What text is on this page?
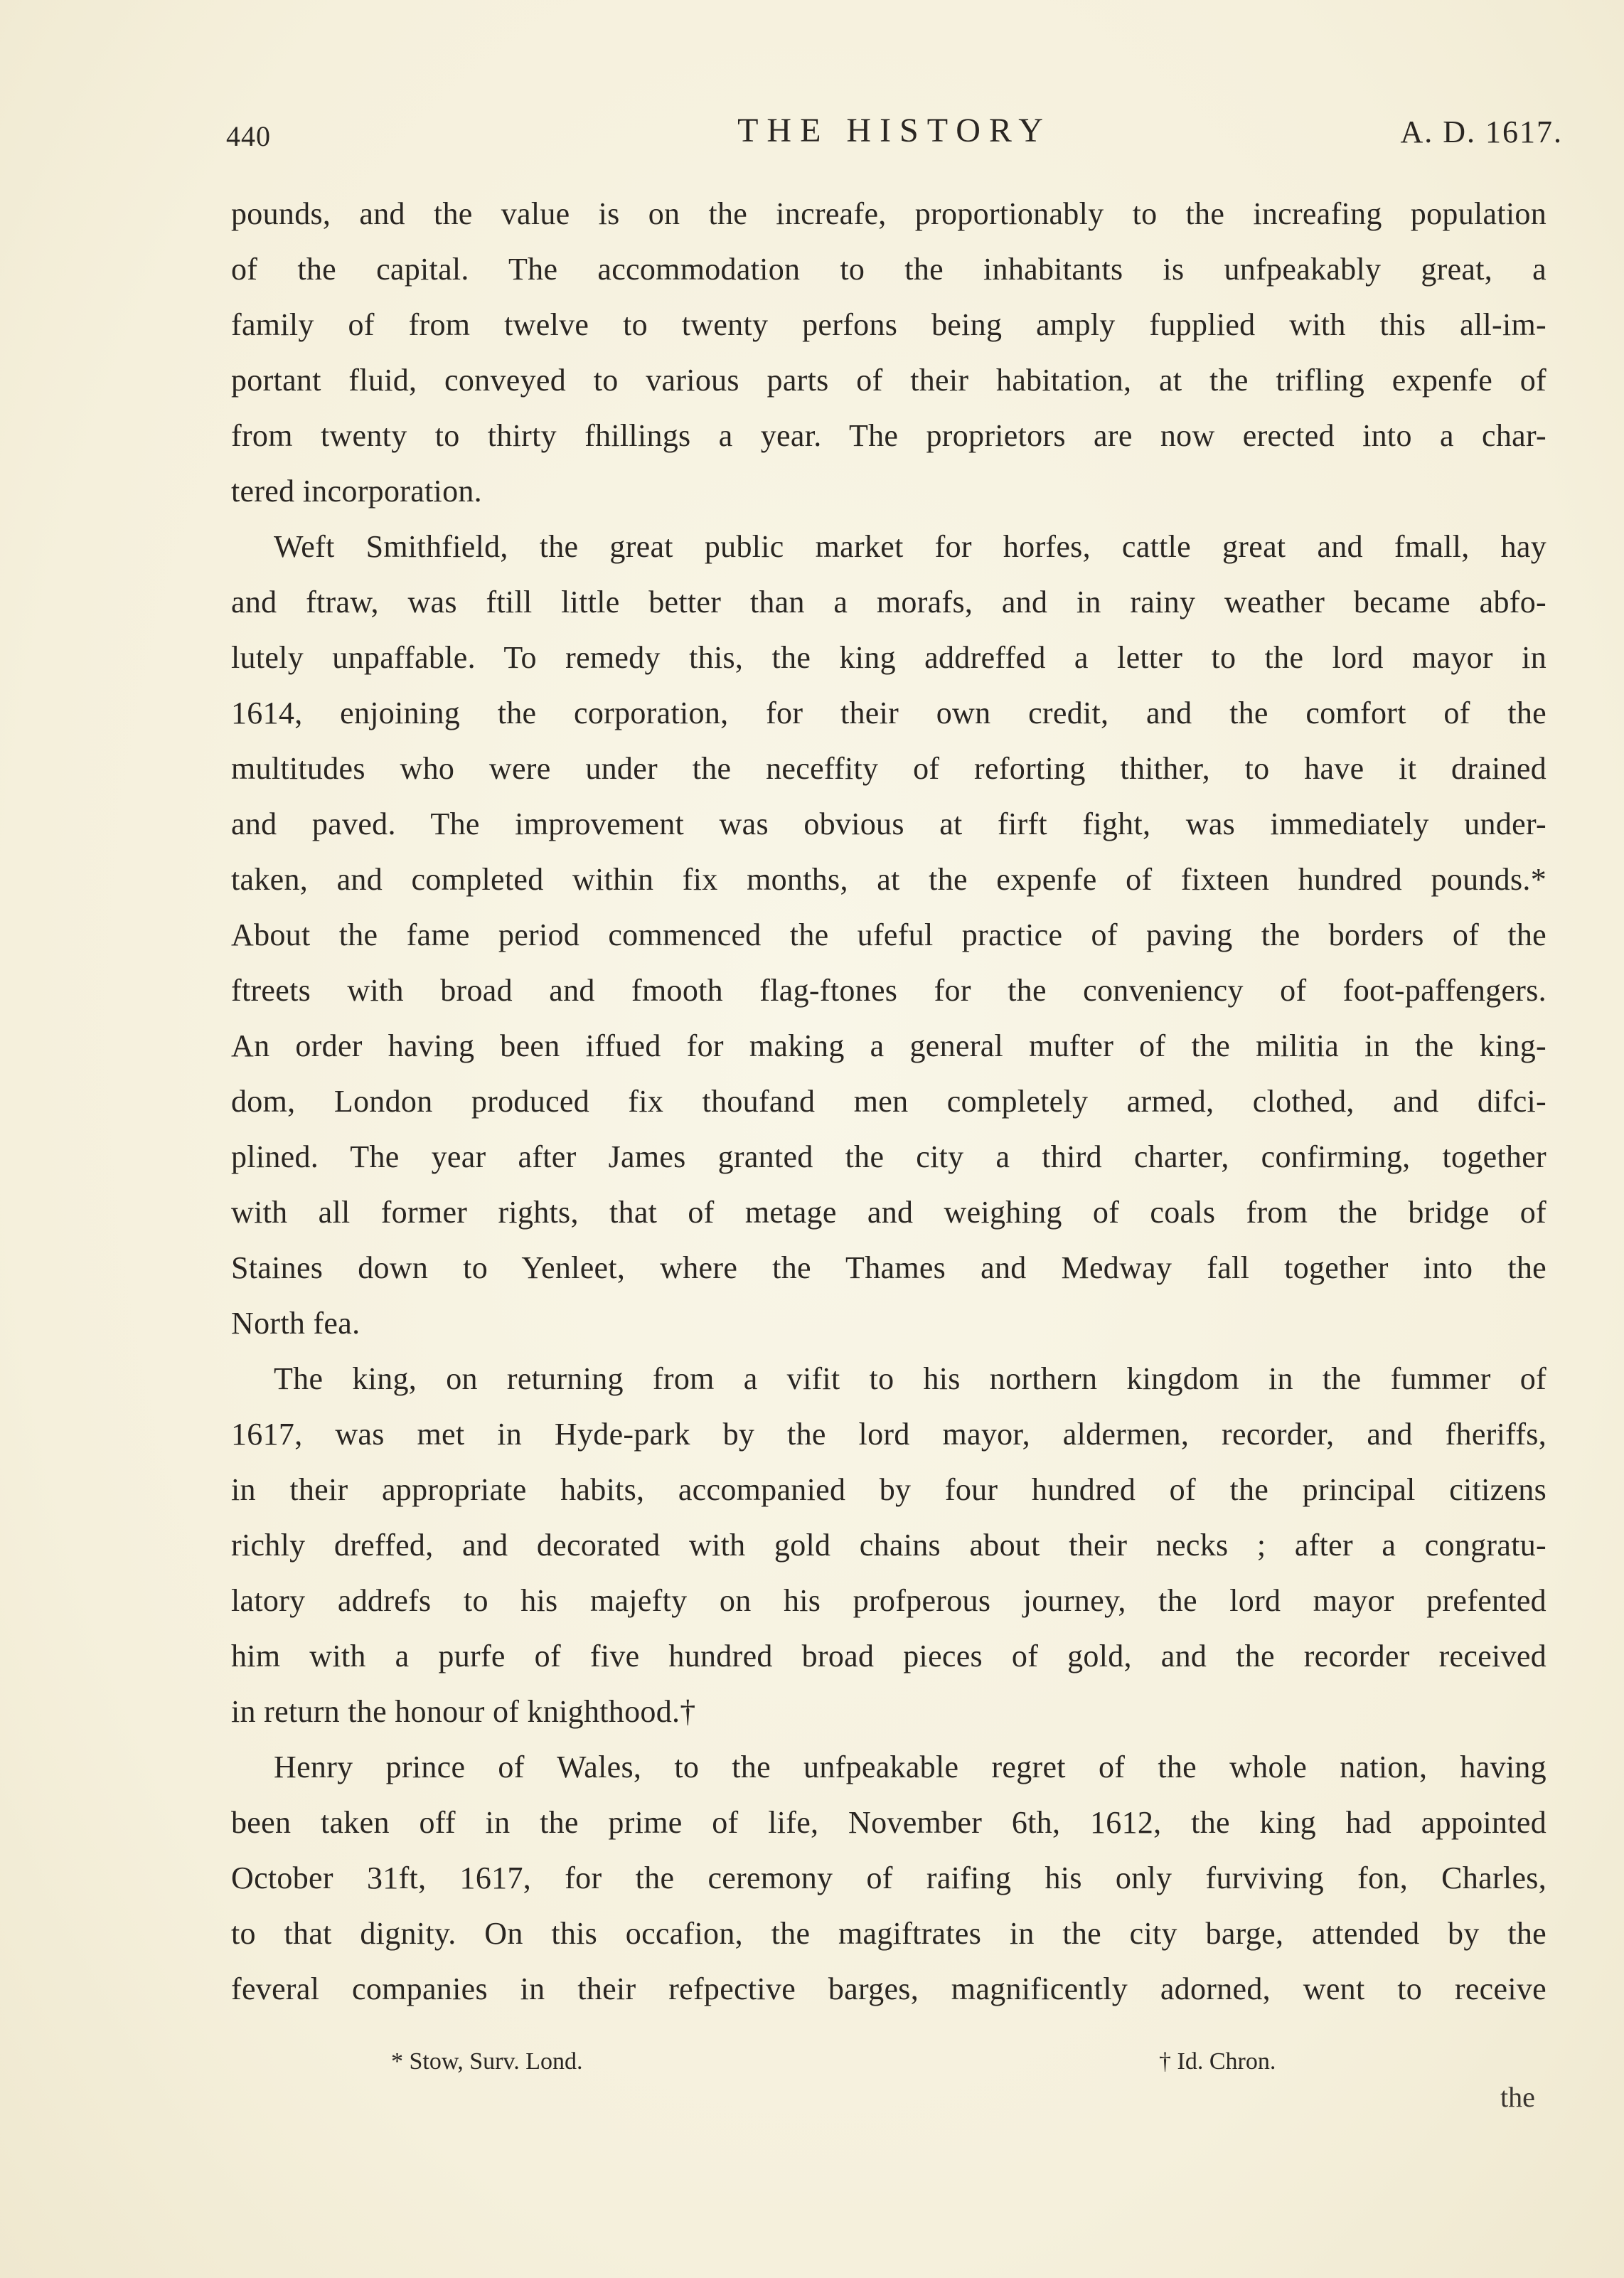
440	THE HISTORY	A. D. 1617.
pounds, and the value is on the increafe, proportionably to the increafing population
of the capital. The accommodation to the inhabitants is unfpeakably great, a
family of from twelve to twenty perfons being amply fupplied with this all-im-
portant fluid, conveyed to various parts of their habitation, at the trifling expenfe of
from twenty to thirty fhillings a year. The proprietors are now erected into a char-
tered incorporation.
Weft Smithfield, the great public market for horfes, cattle great and fmall, hay
and ftraw, was ftill little better than a morafs, and in rainy weather became abfo-
lutely unpaffable. To remedy this, the king addreffed a letter to the lord mayor in
1614, enjoining the corporation, for their own credit, and the comfort of the
multitudes who were under the neceffity of reforting thither, to have it drained
and paved. The improvement was obvious at firft fight, was immediately under-
taken, and completed within fix months, at the expenfe of fixteen hundred pounds.*
About the fame period commenced the ufeful practice of paving the borders of the
ftreets with broad and fmooth flag-ftones for the conveniency of foot-paffengers.
An order having been iffued for making a general mufter of the militia in the king-
dom, London produced fix thoufand men completely armed, clothed, and difci-
plined. The year after James granted the city a third charter, confirming, together
with all former rights, that of metage and weighing of coals from the bridge of
Staines down to Yenleet, where the Thames and Medway fall together into the
North fea.
The king, on returning from a vifit to his northern kingdom in the fummer of
1617, was met in Hyde-park by the lord mayor, aldermen, recorder, and fheriffs,
in their appropriate habits, accompanied by four hundred of the principal citizens
richly dreffed, and decorated with gold chains about their necks ; after a congratu-
latory addrefs to his majefty on his profperous journey, the lord mayor prefented
him with a purfe of five hundred broad pieces of gold, and the recorder received
in return the honour of knighthood.†
Henry prince of Wales, to the unfpeakable regret of the whole nation, having
been taken off in the prime of life, November 6th, 1612, the king had appointed
October 31ft, 1617, for the ceremony of raifing his only furviving fon, Charles,
to that dignity. On this occafion, the magiftrates in the city barge, attended by the
feveral companies in their refpective barges, magnificently adorned, went to receive
* Stow, Surv. Lond.	† Id. Chron.
the
